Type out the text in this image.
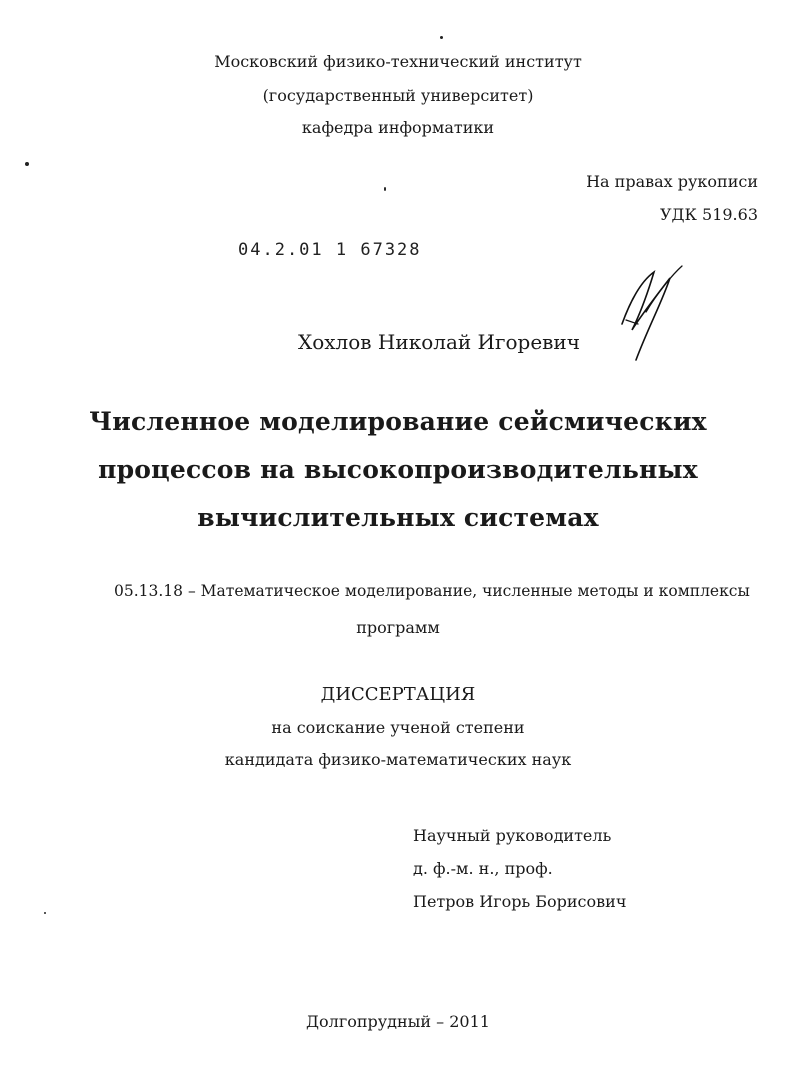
Московский физико-технический институт
(государственный университет)
кафедра информатики
На правах рукописи
УДК 519.63
04.2.01 1 67328
Хохлов Николай Игоревич
Численное моделирование сейсмических
процессов на высокопроизводительных
вычислительных системах
05.13.18 – Математическое моделирование, численные методы и комплексы
программ
ДИССЕРТАЦИЯ
на соискание ученой степени
кандидата физико-математических наук
Научный руководитель
д. ф.-м. н., проф.
Петров Игорь Борисович
Долгопрудный – 2011
